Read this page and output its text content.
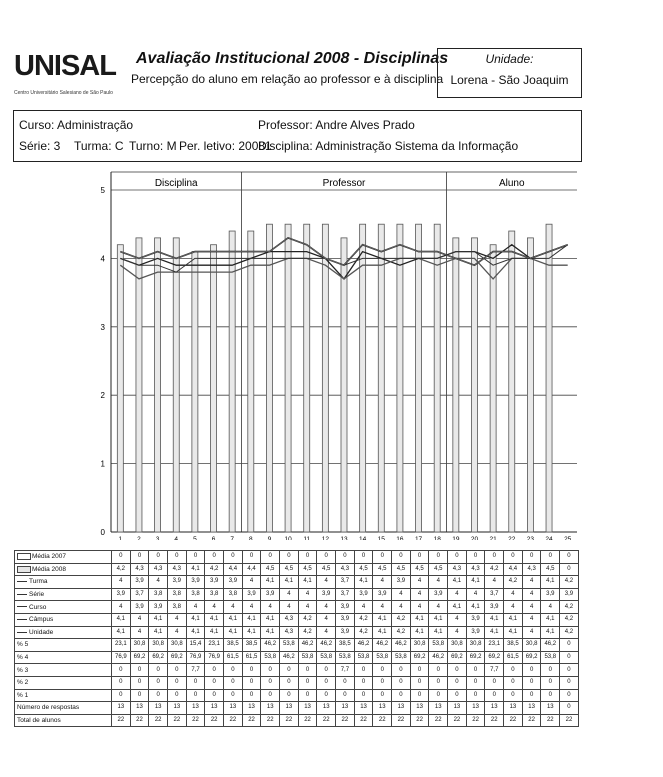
UNISAL
Centro Universitário Salesiano de São Paulo
Avaliação Institucional 2008 - Disciplinas
Percepção do aluno em relação ao professor e à disciplina
Unidade:
Lorena - São Joaquim
Curso: Administração
Série: 3 Turma: C Turno: M Per. letivo: 20081
Professor: Andre Alves Prado
Disciplina: Administração Sistema da Informação
Disciplina	Professor	Aluno
0
1
2
3
4
5
1 2 3 4 5 6 7 8 9 10 11 12 13 14 15 16 17 18 19 20 21 22 23 24 25
Média 2007	0	0	0	0	0	0	0	0	0	0	0	0	0	0	0	0	0	0	0	0	0	0	0	0	0
Média 2008	4,2	4,3	4,3	4,3	4,1	4,2	4,4	4,4	4,5	4,5	4,5	4,5	4,3	4,5	4,5	4,5	4,5	4,5	4,3	4,3	4,2	4,4	4,3	4,5	0
Turma	4	3,9	4	3,9	3,9	3,9	3,9	4	4,1	4,1	4,1	4	3,7	4,1	4	3,9	4	4	4,1	4,1	4	4,2	4	4,1	4,2
Série	3,9	3,7	3,8	3,8	3,8	3,8	3,8	3,9	3,9	4	4	3,9	3,7	3,9	3,9	4	4	3,9	4	4	3,7	4	4	3,9	3,9
Curso	4	3,9	3,9	3,8	4	4	4	4	4	4	4	4	3,9	4	4	4	4	4	4,1	4,1	3,9	4	4	4	4,2
Câmpus	4,1	4	4,1	4	4,1	4,1	4,1	4,1	4,1	4,3	4,2	4	3,9	4,2	4,1	4,2	4,1	4,1	4	3,9	4,1	4,1	4	4,1	4,2
Unidade	4,1	4	4,1	4	4,1	4,1	4,1	4,1	4,1	4,3	4,2	4	3,9	4,2	4,1	4,2	4,1	4,1	4	3,9	4,1	4,1	4	4,1	4,2
% 5	23,1	30,8	30,8	30,8	15,4	23,1	38,5	38,5	46,2	53,8	46,2	46,2	38,5	46,2	46,2	46,2	30,8	53,8	30,8	30,8	23,1	38,5	30,8	46,2	0
% 4	76,9	69,2	69,2	69,2	76,9	76,9	61,5	61,5	53,8	46,2	53,8	53,8	53,8	53,8	53,8	53,8	69,2	46,2	69,2	69,2	69,2	61,5	69,2	53,8	0
% 3	0	0	0	0	7,7	0	0	0	0	0	0	0	7,7	0	0	0	0	0	0	0	7,7	0	0	0	0
% 2	0	0	0	0	0	0	0	0	0	0	0	0	0	0	0	0	0	0	0	0	0	0	0	0	0
% 1	0	0	0	0	0	0	0	0	0	0	0	0	0	0	0	0	0	0	0	0	0	0	0	0	0
Número de respostas	13	13	13	13	13	13	13	13	13	13	13	13	13	13	13	13	13	13	13	13	13	13	13	13	0
Total de alunos	22	22	22	22	22	22	22	22	22	22	22	22	22	22	22	22	22	22	22	22	22	22	22	22	22
